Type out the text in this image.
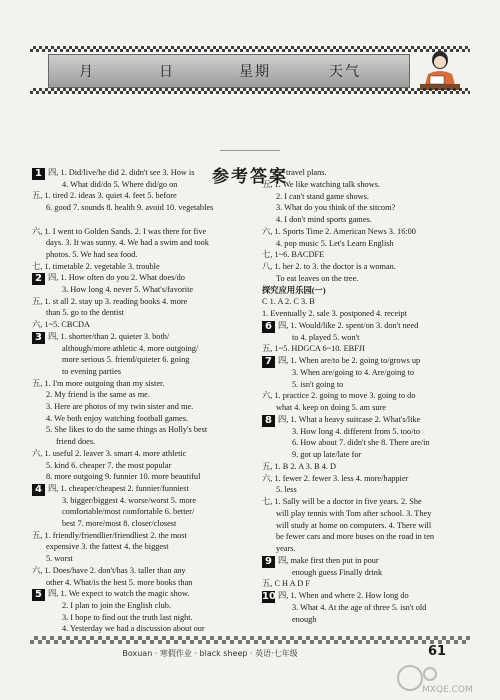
月	日	星期	天气
参考答案
1 四, 1. Did/live/he did 2. didn't see 3. How is
4. What did/do 5. Where did/go on
五, 1. tired 2. ideas 3. quiet 4. feet 5. before
6. good 7. sounds 8. health 9. avoid 10. vegetables
六, 1. I went to Golden Sands. 2. I was there for five
days. 3. It was sunny. 4. We had a swim and took
photos. 5. We had sea food.
七, 1. timetable 2. vegetable 3. trouble
2 四, 1. How often do you 2. What does/do
3. How long 4. never 5. What's/favorite
五, 1. st all 2. stay up 3. reading books 4. more
than 5. go to the dentist
六, 1~5. CBCDA
3 四, 1. shorter/than 2. quieter 3. both/
although/more athletic 4. more outgoing/
more serious 5. friend/quieter 6. going
to evening parties
五, 1. I'm more outgoing than my sister.
2. My friend is the same as me.
3. Here are photos of my twin sister and me.
4. We both enjoy watching football games.
5. She likes to do the same things as Holly's best
friend does.
六, 1. useful 2. leaver 3. smart 4. more athletic
5. kind 6. cheaper 7. the most popular
8. more outgoing 9. funnier 10. more beautiful
4 四, 1. cheaper/cheapest 2. funnier/funniest
3. bigger/biggest 4. worse/worst 5. more
comfortable/most comfortable 6. better/
best 7. more/most 8. closer/closest
五, 1. friendly/friendlier/friendliest 2. the most
expensive 3. the fattest 4. the biggest
5. worst
六, 1. Does/have 2. don't/has 3. taller than any
other 4. What/is the best 5. more books than
5 四, 1. We expect to watch the magic show.
2. I plan to join the English club.
3. I hope to find out the truth last night.
4. Yesterday we had a discussion about our
travel plans.
五, 1. We like watching talk shows.
2. I can't stand game shows.
3. What do you think of the sitcom?
4. I don't mind sports games.
六, 1. Sports Time 2. American News 3. 16:00
4. pop music 5. Let's Learn English
七, 1~6. BACDFE
八, 1. her 2. to 3. the doctor is a woman.
To eat leaves on the tree.
探究应用乐园(一)
C 1. A 2. C 3. B
1. Eventually 2. sale 3. postponed 4. receipt
6 四, 1. Would/like 2. spent/on 3. don't need
to 4. played 5. won't
五, 1~5. HDGCA 6~10. EBFJI
7 四, 1. When are/to be 2. going to/grows up
3. When are/going to 4. Are/going to
5. isn't going to
六, 1. practice 2. going to move 3. going to do
what 4. keep on doing 5. am sure
8 四, 1. What a heavy suitcase 2. What's/like
3. How long 4. different from 5. too/to
6. How about 7. didn't she 8. There are/in
9. got up late/late for
五, 1. B 2. A 3. B 4. D
六, 1. fewer 2. fewer 3. less 4. more/happier
5. less
七, 1. Sally will be a doctor in five years. 2. She
will play tennis with Tom after school. 3. They
will study at home on computers. 4. There will
be fewer cars and more buses on the road in ten
years.
9 四, make first then put in pour
enough guess Finally drink
五, C H A D F
10 四, 1. When and where 2. How long do
3. What 4. At the age of three 5. isn't old
enough
Boxuan · 寒假作业 · black sheep · 英语·七年级	61
MXQE.COM
